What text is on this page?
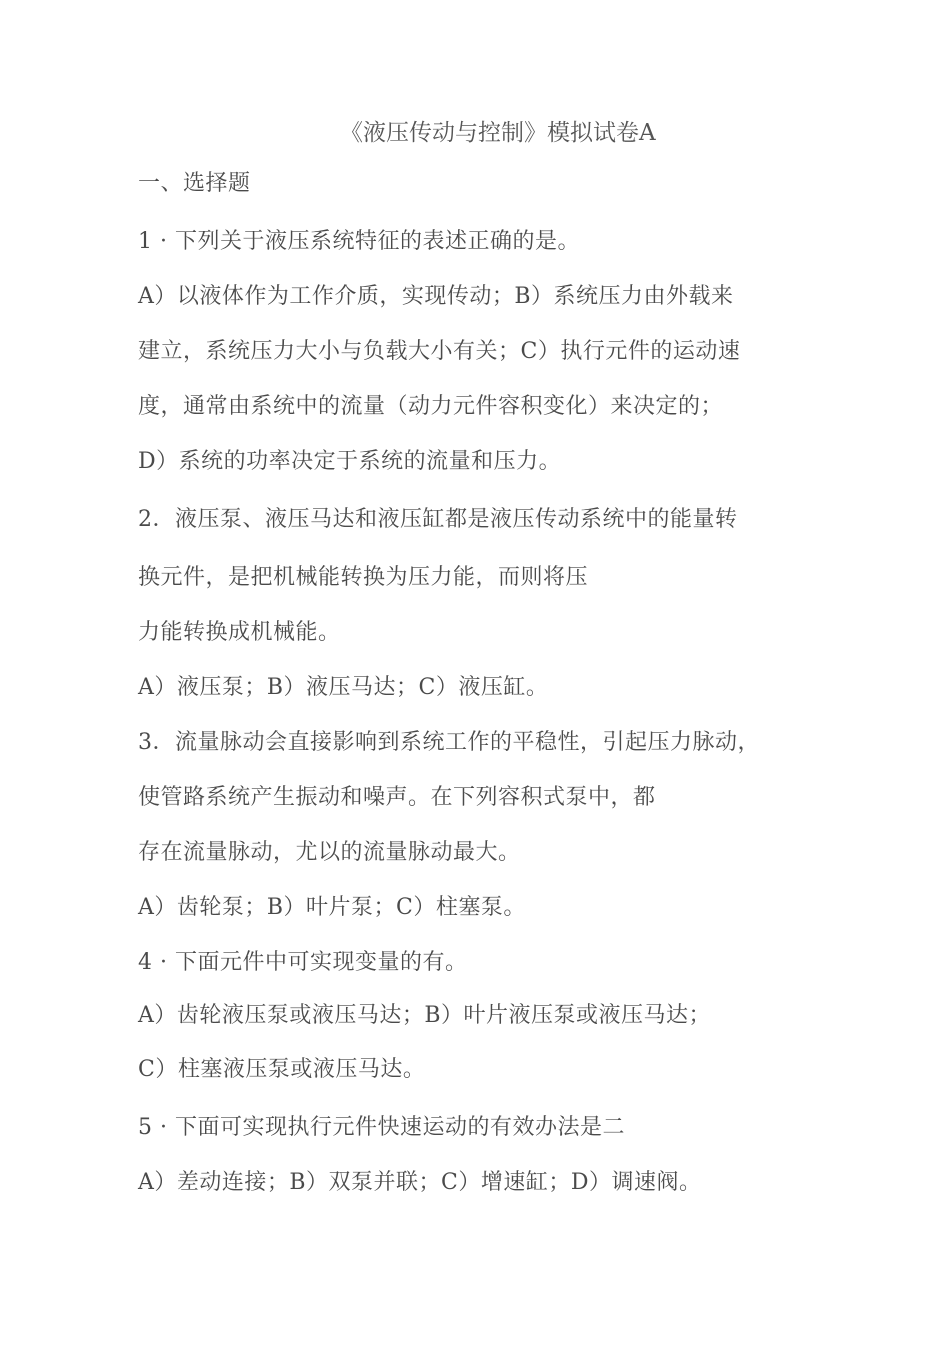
《液压传动与控制》模拟试卷A
一、选择题
1 · 下列关于液压系统特征的表述正确的是。
A）以液体作为工作介质，实现传动；B）系统压力由外载来
建立，系统压力大小与负载大小有关；C）执行元件的运动速
度，通常由系统中的流量（动力元件容积变化）来决定的；
D）系统的功率决定于系统的流量和压力。
2．液压泵、液压马达和液压缸都是液压传动系统中的能量转
换元件，是把机械能转换为压力能，而则将压
力能转换成机械能。
A）液压泵；B）液压马达；C）液压缸。
3．流量脉动会直接影响到系统工作的平稳性，引起压力脉动，
使管路系统产生振动和噪声。在下列容积式泵中，都
存在流量脉动，尤以的流量脉动最大。
A）齿轮泵；B）叶片泵；C）柱塞泵。
4 · 下面元件中可实现变量的有。
A）齿轮液压泵或液压马达；B）叶片液压泵或液压马达；
C）柱塞液压泵或液压马达。
5 · 下面可实现执行元件快速运动的有效办法是二
A）差动连接；B）双泵并联；C）增速缸；D）调速阀。
